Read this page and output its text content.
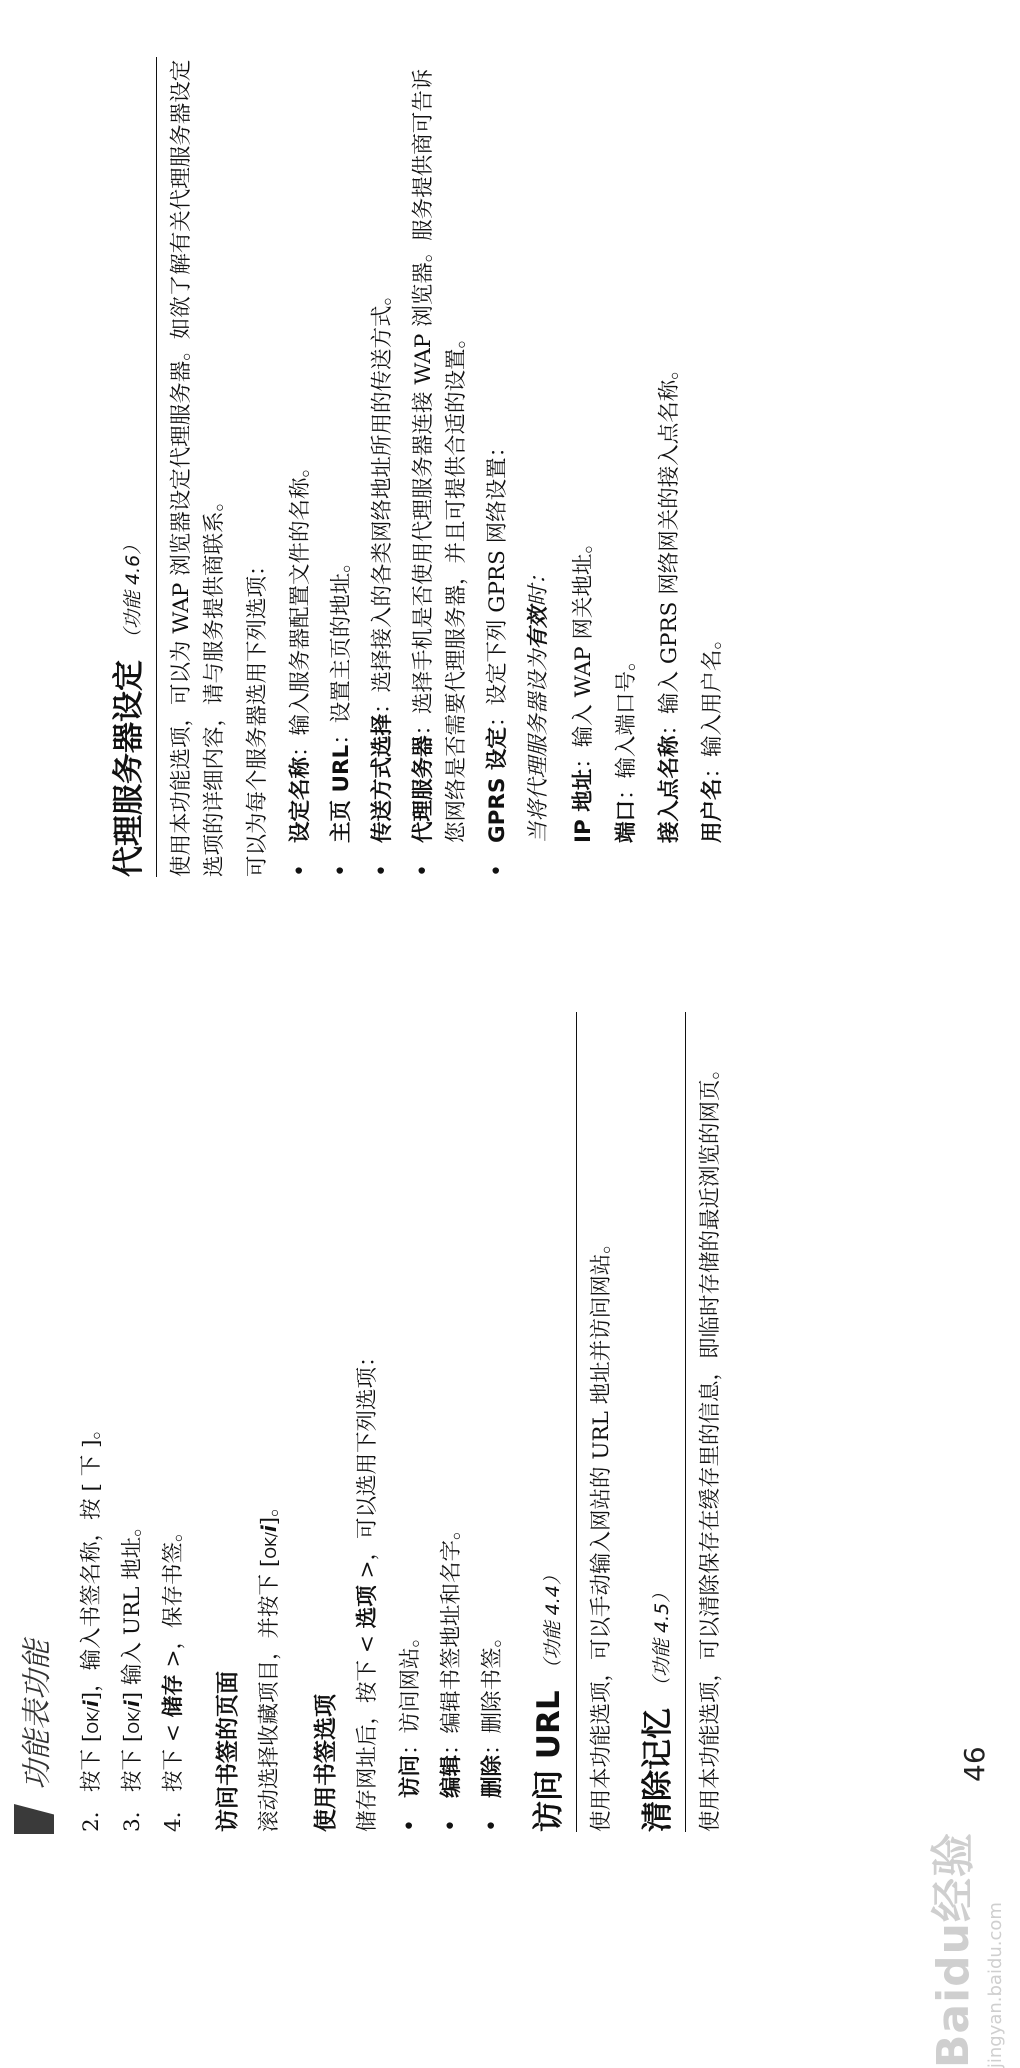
功能表功能
2.
按下 [OK/i]，输入书签名称，按 [ 下 ]。
3.
按下 [OK/i] 输入 URL 地址。
4.
按下 < 储存 >，保存书签。
访问书签的页面 滚动选择收藏项目，并按下 [OK/i]。

使用书签选项 储存网址后，按下 < 选项 >，可以选用下列选项：

•
访问：访问网站。
•
编辑：编辑书签地址和名字。
•
删除：删除书签。 访问 URL（功能 4.4）	使用本功能选项，可以手动输入网站的 URL 地址并访问网站。 清除记忆（功能 4.5）	使用本功能选项，可以清除保存在缓存里的信息，即临时存储的最近浏览的网页。

代理服务器设定（功能 4.6）	使用本功能选项，可以为 WAP 浏览器设定代理服务器。如欲了解有关代理服务器设定选项的详细内容，请与服务提供商联系。 可以为每个服务器选用下列选项： •
设定名称：输入服务器配置文件的名称。
•
主页 URL：设置主页的地址。
•
传送方式选择：选择接入的各类网络地址所用的传送方式。
•
代理服务器：选择手机是否使用代理服务器连接 WAP 浏览器。服务提供商可告诉您网络是否需要代理服务器，并且可提供合适的设置。
•
GPRS 设定：设定下列 GPRS 网络设置：
当将代理服务器设为有效时：
IP 地址
：输入 WAP 网关地址。
端口
：输入端口号。 接入点名称
：输入 GPRS 网络网关的接入点名称。
用户名
：输入用户名。
46
Baidu经验 jingyan.baidu.com
